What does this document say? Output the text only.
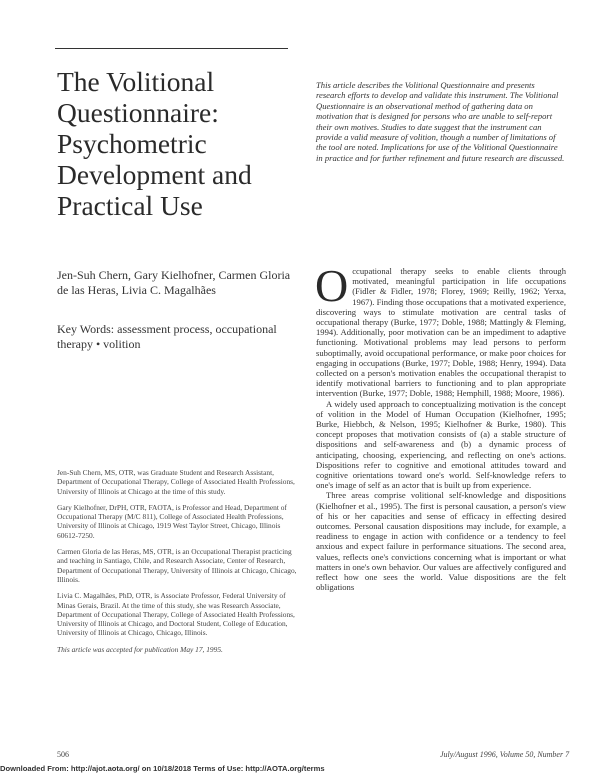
The Volitional
Questionnaire:
Psychometric
Development and
Practical Use
This article describes the Volitional Questionnaire and presents research efforts to develop and validate this instrument. The Volitional Questionnaire is an observational method of gathering data on motivation that is designed for persons who are unable to self-report their own motives. Studies to date suggest that the instrument can provide a valid measure of volition, though a number of limitations of the tool are noted. Implications for use of the Volitional Questionnaire in practice and for further refinement and future research are discussed.
Jen-Suh Chern, Gary Kielhofner, Carmen Gloria de las Heras, Livia C. Magalhães
Key Words: assessment process, occupational therapy • volition

Jen-Suh Chern, MS, OTR, was Graduate Student and Research Assistant, Department of Occupational Therapy, College of Associated Health Professions, University of Illinois at Chicago at the time of this study.

Gary Kielhofner, DrPH, OTR, FAOTA, is Professor and Head, Department of Occupational Therapy (M/C 811), College of Associated Health Professions, University of Illinois at Chicago, 1919 West Taylor Street, Chicago, Illinois 60612-7250.

Carmen Gloria de las Heras, MS, OTR, is an Occupational Therapist practicing and teaching in Santiago, Chile, and Research Associate, Center of Research, Department of Occupational Therapy, University of Illinois at Chicago, Chicago, Illinois.

Livia C. Magalhães, PhD, OTR, is Associate Professor, Federal University of Minas Gerais, Brazil. At the time of this study, she was Research Associate, Department of Occupational Therapy, College of Associated Health Professions, University of Illinois at Chicago, and Doctoral Student, College of Education, University of Illinois at Chicago, Chicago, Illinois.

This article was accepted for publication May 17, 1995.

Occupational therapy seeks to enable clients through motivated, meaningful participation in life occupations (Fidler & Fidler, 1978; Florey, 1969; Reilly, 1962; Yerxa, 1967). Finding those occupations that a motivated experience, discovering ways to stimulate motivation are central tasks of occupational therapy (Burke, 1977; Doble, 1988; Mattingly & Fleming, 1994). Additionally, poor motivation can be an impediment to adaptive functioning. Motivational problems may lead persons to perform suboptimally, avoid occupational performance, or make poor choices for engaging in occupations (Burke, 1977; Doble, 1988; Henry, 1994). Data collected on a person's motivation enables the occupational therapist to identify motivational barriers to functioning and to plan appropriate intervention (Burke, 1977; Doble, 1988; Hemphill, 1988; Moore, 1986).

A widely used approach to conceptualizing motivation is the concept of volition in the Model of Human Occupation (Kielhofner, 1995; Burke, Hiebbch, & Nelson, 1995; Kielhofner & Burke, 1980). This concept proposes that motivation consists of (a) a stable structure of dispositions and self-awareness and (b) a dynamic process of anticipating, choosing, experiencing, and reflecting on one's actions. Dispositions refer to cognitive and emotional attitudes toward and cognitive orientations toward one's world. Self-knowledge refers to one's image of self as an actor that is built up from experience.

Three areas comprise volitional self-knowledge and dispositions (Kielhofner et al., 1995). The first is personal causation, a person's view of his or her capacities and sense of efficacy in effecting desired outcomes. Personal causation dispositions may include, for example, a readiness to engage in action with confidence or a tendency to feel anxious and expect failure in performance situations. The second area, values, reflects one's convictions concerning what is important or what matters in one's own behavior. Our values are affectively configured and reflect how one sees the world. Value dispositions are the felt obligations

506	July/August 1996, Volume 50, Number 7
Downloaded From: http://ajot.aota.org/ on 10/18/2018 Terms of Use: http://AOTA.org/terms
